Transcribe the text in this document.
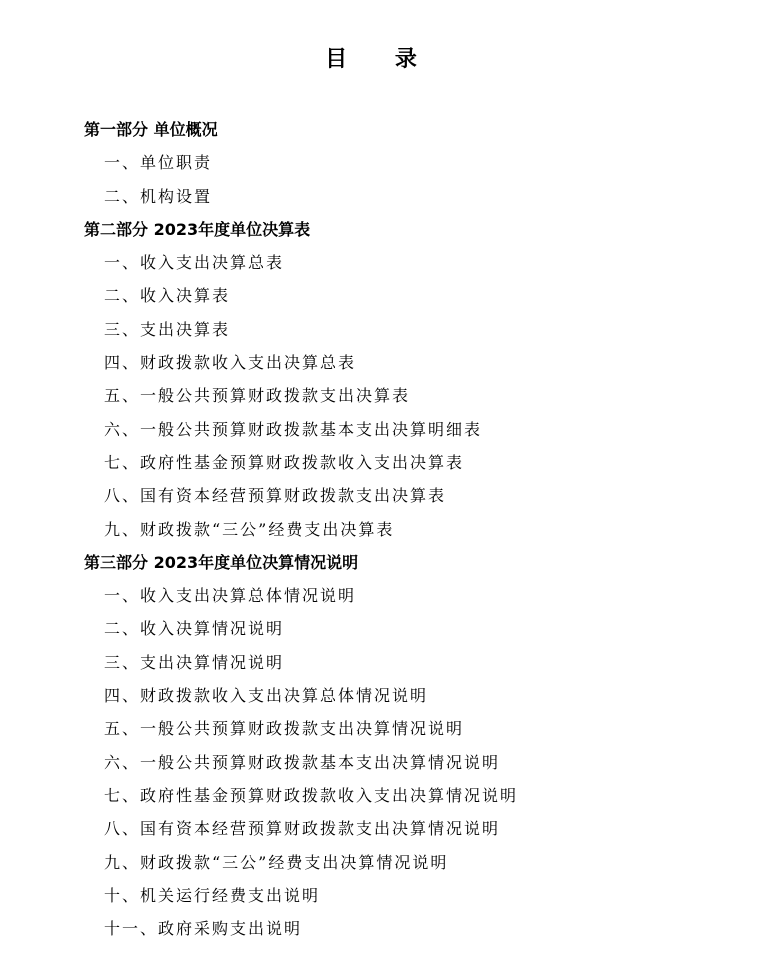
目 录
第一部分 单位概况
一、单位职责
二、机构设置
第二部分 2023年度单位决算表
一、收入支出决算总表
二、收入决算表
三、支出决算表
四、财政拨款收入支出决算总表
五、一般公共预算财政拨款支出决算表
六、一般公共预算财政拨款基本支出决算明细表
七、政府性基金预算财政拨款收入支出决算表
八、国有资本经营预算财政拨款支出决算表
九、财政拨款“三公”经费支出决算表
第三部分 2023年度单位决算情况说明
一、收入支出决算总体情况说明
二、收入决算情况说明
三、支出决算情况说明
四、财政拨款收入支出决算总体情况说明
五、一般公共预算财政拨款支出决算情况说明
六、一般公共预算财政拨款基本支出决算情况说明
七、政府性基金预算财政拨款收入支出决算情况说明
八、国有资本经营预算财政拨款支出决算情况说明
九、财政拨款“三公”经费支出决算情况说明
十、机关运行经费支出说明
十一、政府采购支出说明
